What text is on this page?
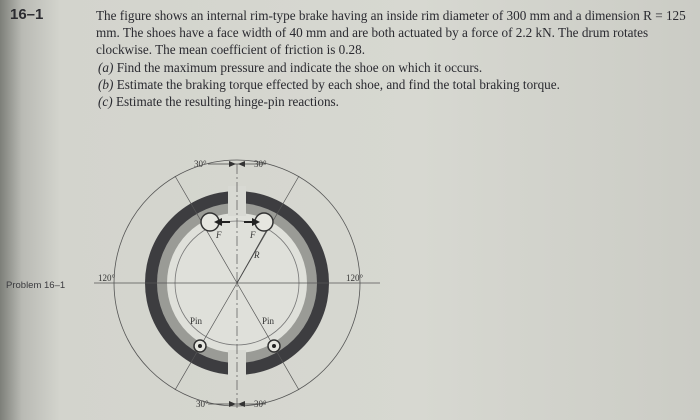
16–1	The figure shows an internal rim-type brake having an inside rim diameter of 300 mm and a dimension R = 125 mm. The shoes have a face width of 40 mm and are both actuated by a force of 2.2 kN. The drum rotates clockwise. The mean coefficient of friction is 0.28.

(a) Find the maximum pressure and indicate the shoe on which it occurs.

(b) Estimate the braking torque effected by each shoe, and find the total braking torque.

(c) Estimate the resulting hinge-pin reactions.

Problem 16–1
30°	30°
120°	120°
30°	30°
F	F
R
Pin	Pin
